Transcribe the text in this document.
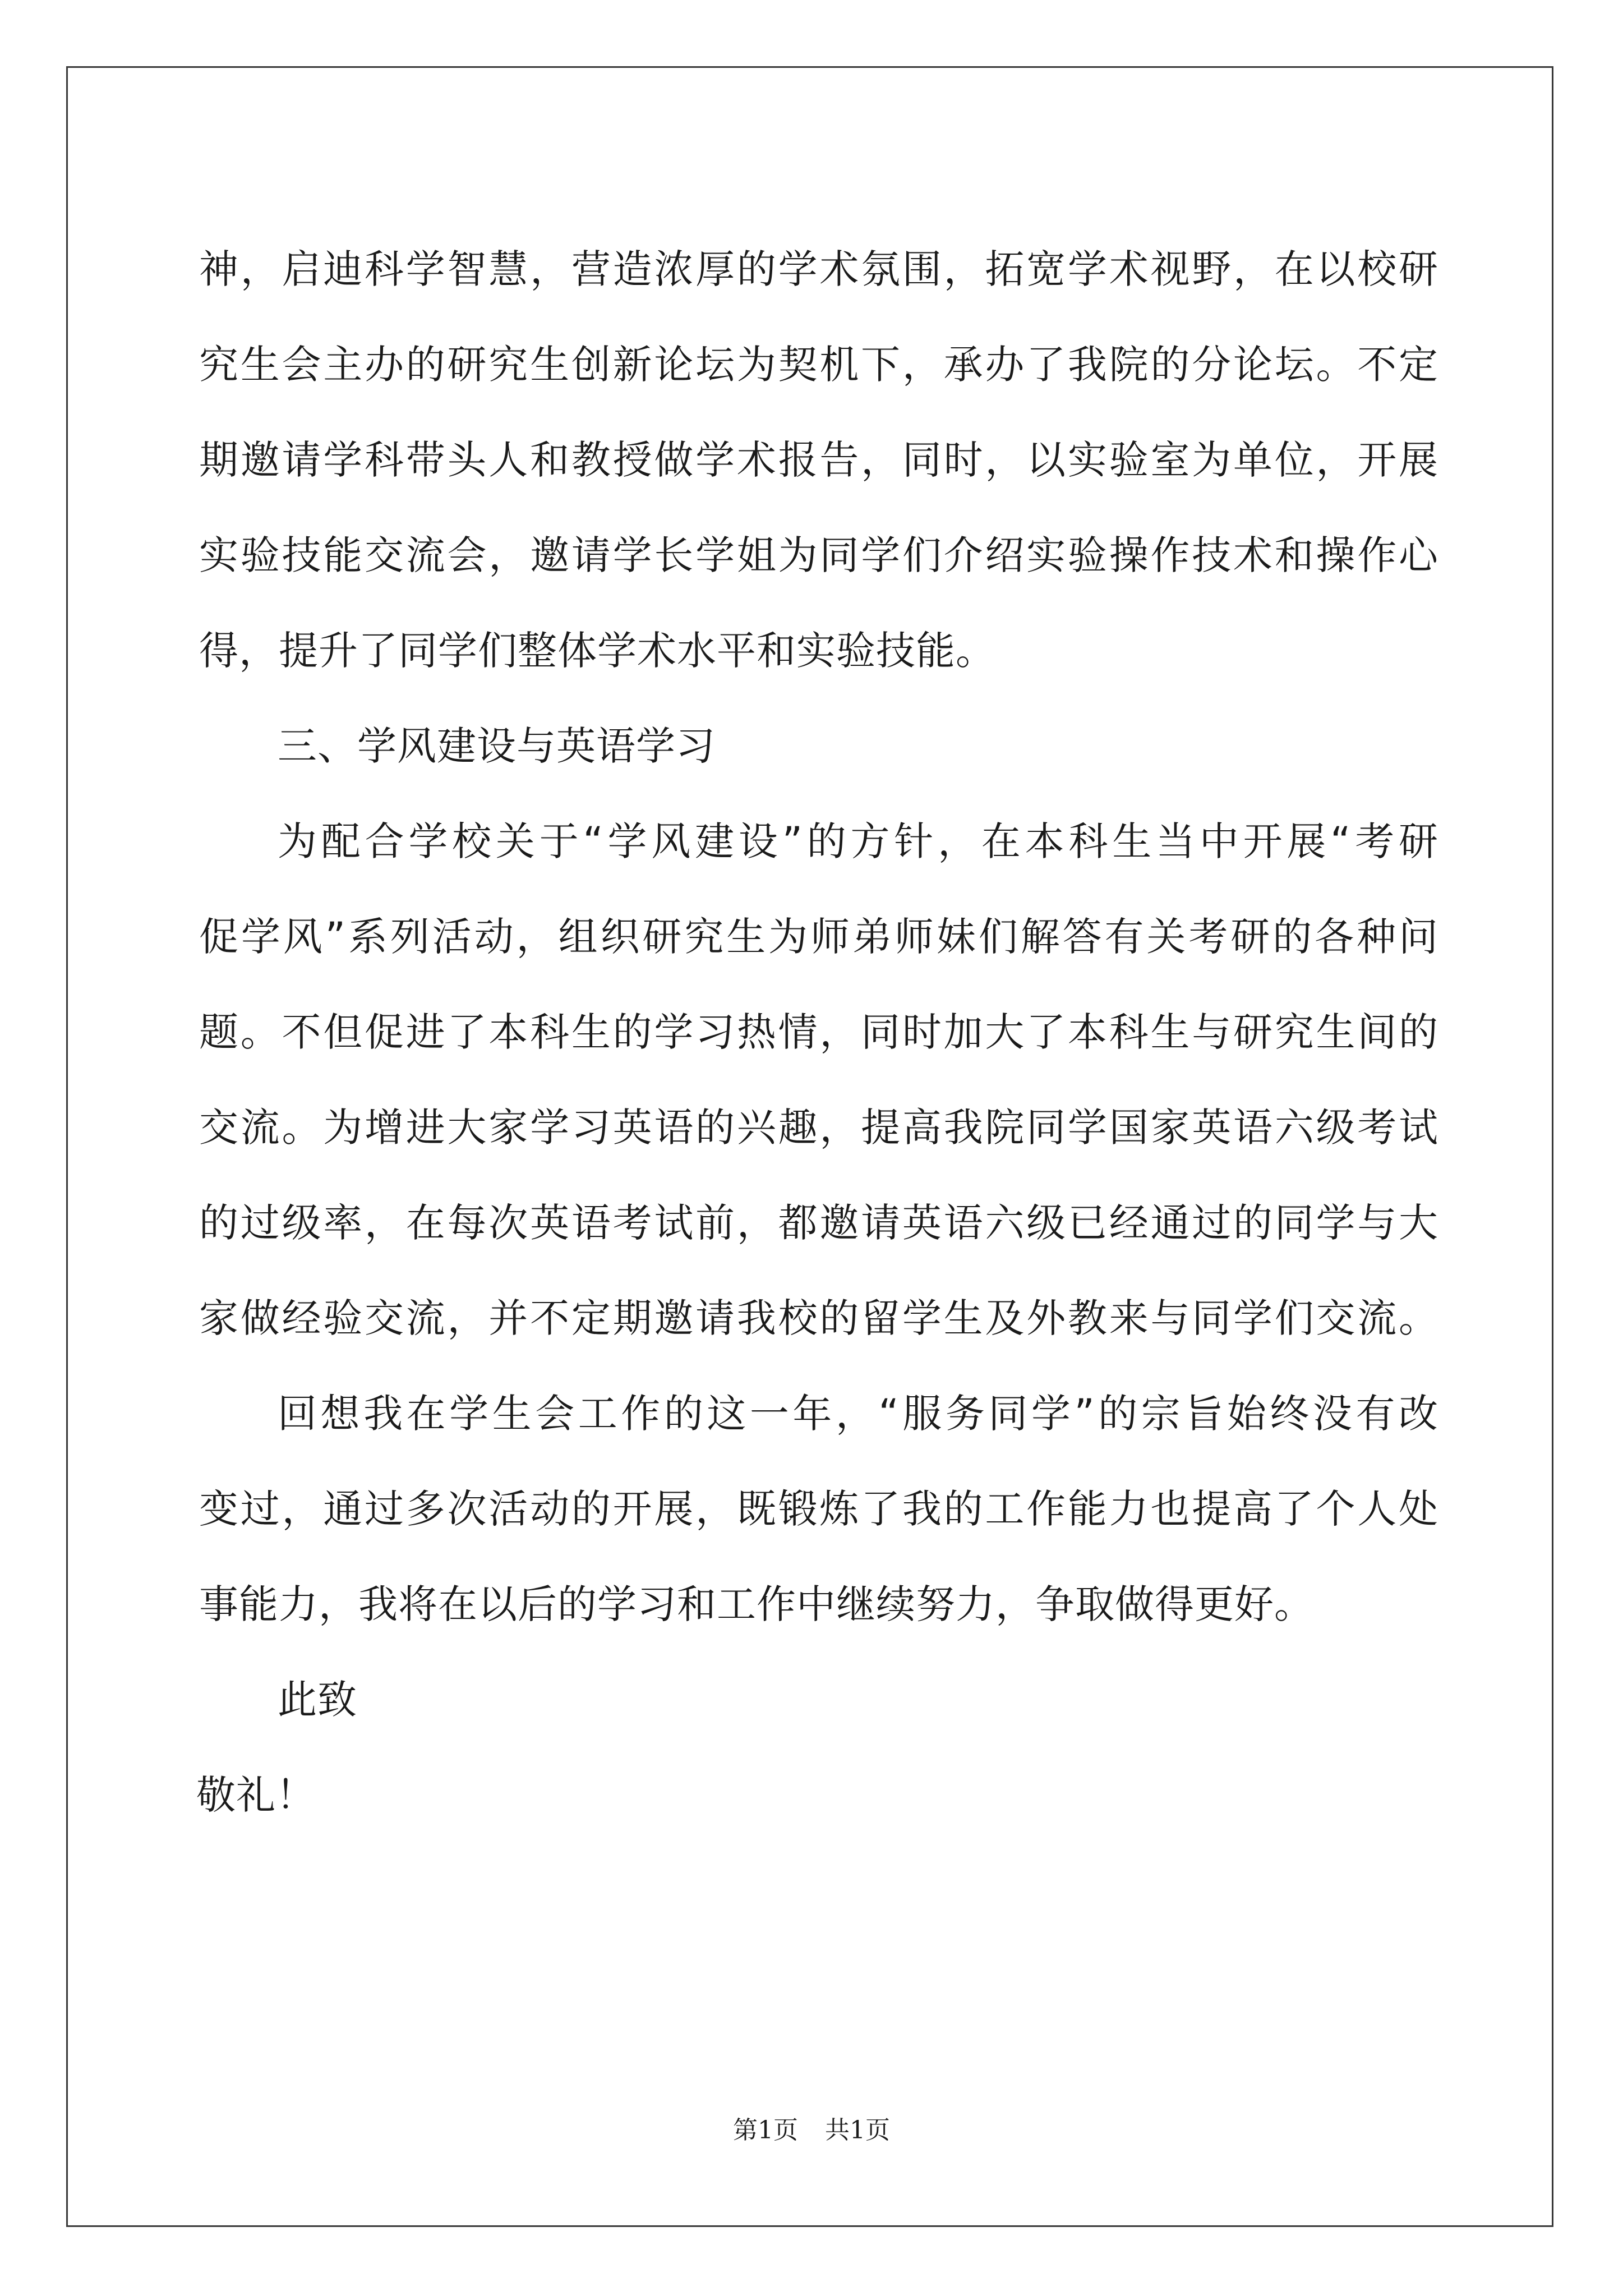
神，启迪科学智慧，营造浓厚的学术氛围，拓宽学术视野，在以校研
究生会主办的研究生创新论坛为契机下，承办了我院的分论坛。不定
期邀请学科带头人和教授做学术报告，同时，以实验室为单位，开展
实验技能交流会，邀请学长学姐为同学们介绍实验操作技术和操作心
得，提升了同学们整体学术水平和实验技能。
三、学风建设与英语学习
为配合学校关于“学风建设”的方针，在本科生当中开展“考研
促学风”系列活动，组织研究生为师弟师妹们解答有关考研的各种问
题。不但促进了本科生的学习热情，同时加大了本科生与研究生间的
交流。为增进大家学习英语的兴趣，提高我院同学国家英语六级考试
的过级率，在每次英语考试前，都邀请英语六级已经通过的同学与大
家做经验交流，并不定期邀请我校的留学生及外教来与同学们交流。
回想我在学生会工作的这一年，“服务同学”的宗旨始终没有改
变过，通过多次活动的开展，既锻炼了我的工作能力也提高了个人处
事能力，我将在以后的学习和工作中继续努力，争取做得更好。
此致
敬礼！
第1页 共1页
